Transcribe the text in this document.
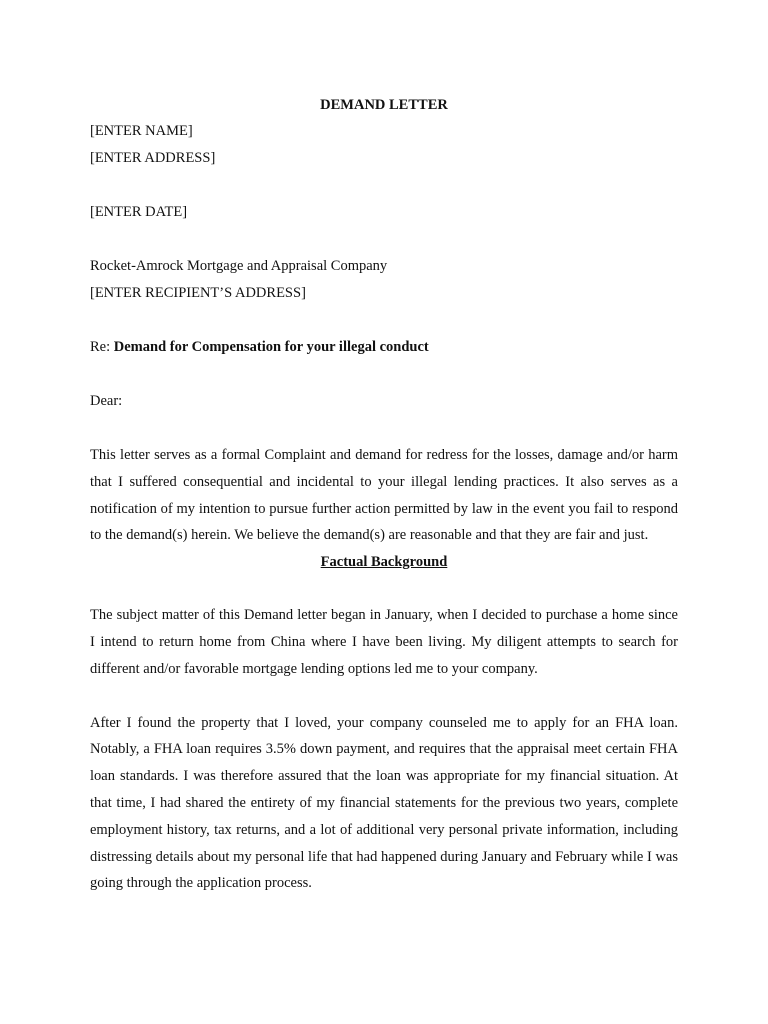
DEMAND LETTER

[ENTER NAME]

[ENTER ADDRESS]

[ENTER DATE]

Rocket-Amrock Mortgage and Appraisal Company

[ENTER RECIPIENT’S ADDRESS]

Re: Demand for Compensation for your illegal conduct

Dear:

This letter serves as a formal Complaint and demand for redress for the losses, damage and/or harm that I suffered consequential and incidental to your illegal lending practices. It also serves as a notification of my intention to pursue further action permitted by law in the event you fail to respond to the demand(s) herein. We believe the demand(s) are reasonable and that they are fair and just.

Factual Background

The subject matter of this Demand letter began in January, when I decided to purchase a home since I intend to return home from China where I have been living. My diligent attempts to search for different and/or favorable mortgage lending options led me to your company.

After I found the property that I loved, your company counseled me to apply for an FHA loan. Notably, a FHA loan requires 3.5% down payment, and requires that the appraisal meet certain FHA loan standards. I was therefore assured that the loan was appropriate for my financial situation. At that time, I had shared the entirety of my financial statements for the previous two years, complete employment history, tax returns, and a lot of additional very personal private information, including distressing details about my personal life that had happened during January and February while I was going through the application process.
